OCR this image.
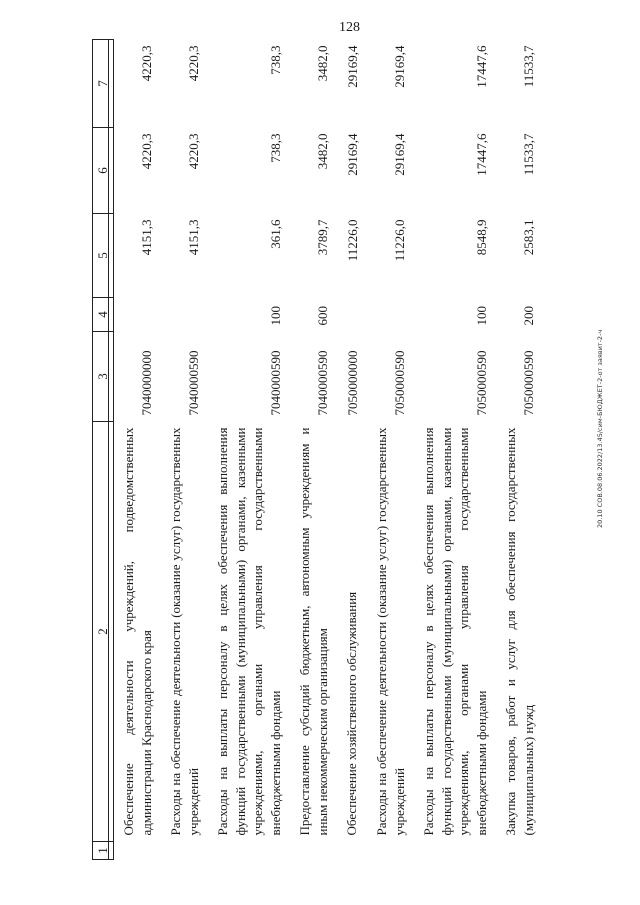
128
1	2	3	4	5	6	7
	Обеспечение деятельности учреждений, подведомственных администрации Краснодарского края	7040000000		4151,3	4220,3	4220,3
	Расходы на обеспечение деятельности (оказание услуг) государственных учреждений	7040000590		4151,3	4220,3	4220,3
	Расходы на выплаты персоналу в целях обеспечения выполнения функций государственными (муниципальными) органами, казенными учреждениями, органами управления государственными внебюджетными фондами	7040000590	100	361,6	738,3	738,3
	Предоставление субсидий бюджетным, автономным учреждениям и иным некоммерческим организациям	7040000590	600	3789,7	3482,0	3482,0
	Обеспечение хозяйственного обслуживания	7050000000		11226,0	29169,4	29169,4
	Расходы на обеспечение деятельности (оказание услуг) государственных учреждений	7050000590		11226,0	29169,4	29169,4
	Расходы на выплаты персоналу в целях обеспечения выполнения функций государственными (муниципальными) органами, казенными учреждениями, органами управления государственными внебюджетными фондами	7050000590	100	8548,9	17447,6	17447,6
	Закупка товаров, работ и услуг для обеспечения государственных (муниципальных) нужд	7050000590	200	2583,1	11533,7	11533,7
20.10 СОВ.08.06.2022/13.45/сим-БЮДЖЕТ-2-от заявит-2-ч
